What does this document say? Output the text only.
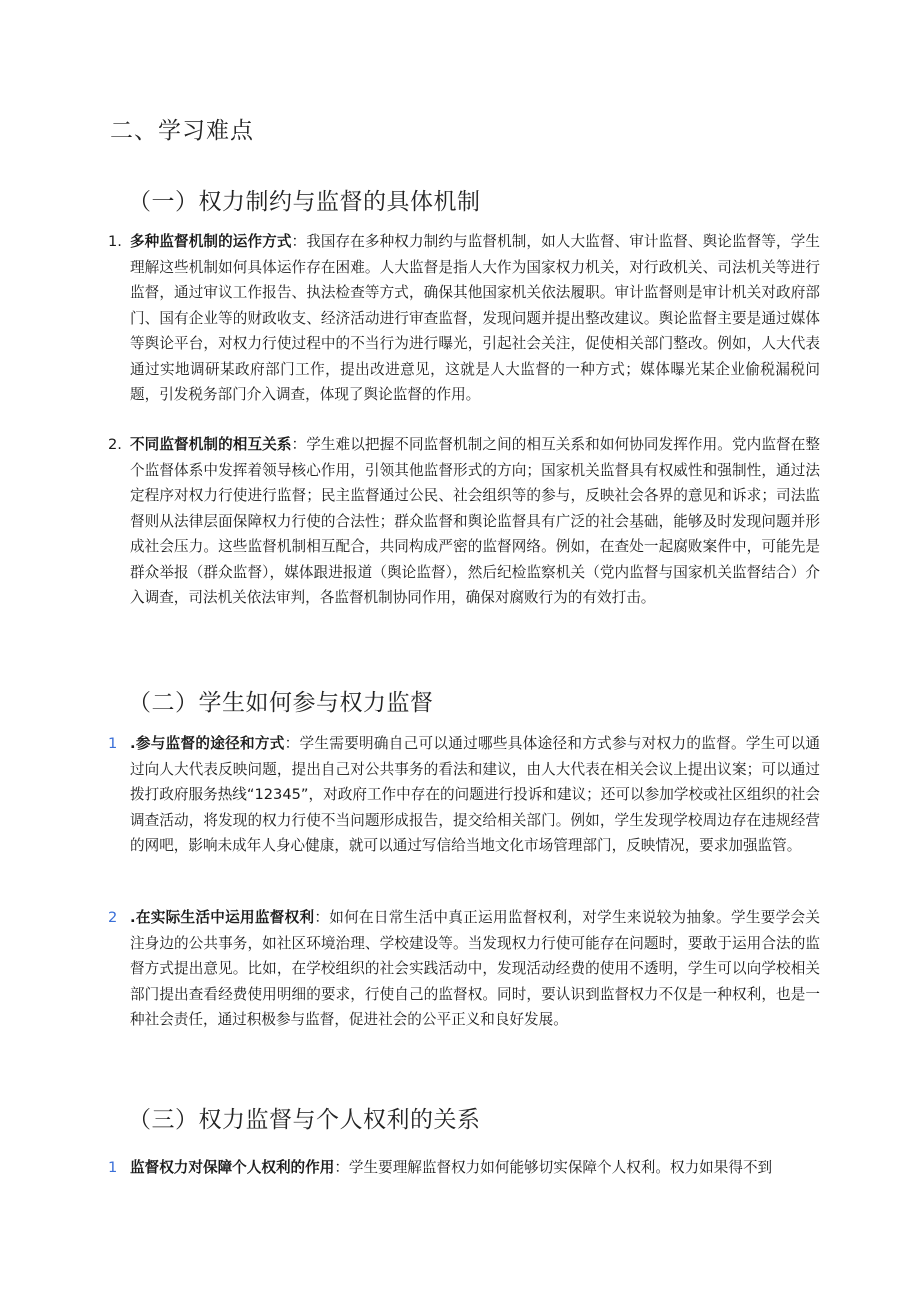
二、学习难点
（一）权力制约与监督的具体机制
1. 多种监督机制的运作方式：我国存在多种权力制约与监督机制，如人大监督、审计监督、舆论监督等，学生理解这些机制如何具体运作存在困难。人大监督是指人大作为国家权力机关，对行政机关、司法机关等进行监督，通过审议工作报告、执法检查等方式，确保其他国家机关依法履职。审计监督则是审计机关对政府部门、国有企业等的财政收支、经济活动进行审查监督，发现问题并提出整改建议。舆论监督主要是通过媒体等舆论平台，对权力行使过程中的不当行为进行曝光，引起社会关注，促使相关部门整改。例如，人大代表通过实地调研某政府部门工作，提出改进意见，这就是人大监督的一种方式；媒体曝光某企业偷税漏税问题，引发税务部门介入调查，体现了舆论监督的作用。

2. 不同监督机制的相互关系：学生难以把握不同监督机制之间的相互关系和如何协同发挥作用。党内监督在整个监督体系中发挥着领导核心作用，引领其他监督形式的方向；国家机关监督具有权威性和强制性，通过法定程序对权力行使进行监督；民主监督通过公民、社会组织等的参与，反映社会各界的意见和诉求；司法监督则从法律层面保障权力行使的合法性；群众监督和舆论监督具有广泛的社会基础，能够及时发现问题并形成社会压力。这些监督机制相互配合，共同构成严密的监督网络。例如，在查处一起腐败案件中，可能先是群众举报（群众监督），媒体跟进报道（舆论监督），然后纪检监察机关（党内监督与国家机关监督结合）介入调查，司法机关依法审判，各监督机制协同作用，确保对腐败行为的有效打击。

（二）学生如何参与权力监督
1 .参与监督的途径和方式：学生需要明确自己可以通过哪些具体途径和方式参与对权力的监督。学生可以通过向人大代表反映问题，提出自己对公共事务的看法和建议，由人大代表在相关会议上提出议案；可以通过拨打政府服务热线“12345”，对政府工作中存在的问题进行投诉和建议；还可以参加学校或社区组织的社会调查活动，将发现的权力行使不当问题形成报告，提交给相关部门。例如，学生发现学校周边存在违规经营的网吧，影响未成年人身心健康，就可以通过写信给当地文化市场管理部门，反映情况，要求加强监管。

2 .在实际生活中运用监督权利：如何在日常生活中真正运用监督权利，对学生来说较为抽象。学生要学会关注身边的公共事务，如社区环境治理、学校建设等。当发现权力行使可能存在问题时，要敢于运用合法的监督方式提出意见。比如，在学校组织的社会实践活动中，发现活动经费的使用不透明，学生可以向学校相关部门提出查看经费使用明细的要求，行使自己的监督权。同时，要认识到监督权力不仅是一种权利，也是一种社会责任，通过积极参与监督，促进社会的公平正义和良好发展。

（三）权力监督与个人权利的关系
1 监督权力对保障个人权利的作用：学生要理解监督权力如何能够切实保障个人权利。权力如果得不到
